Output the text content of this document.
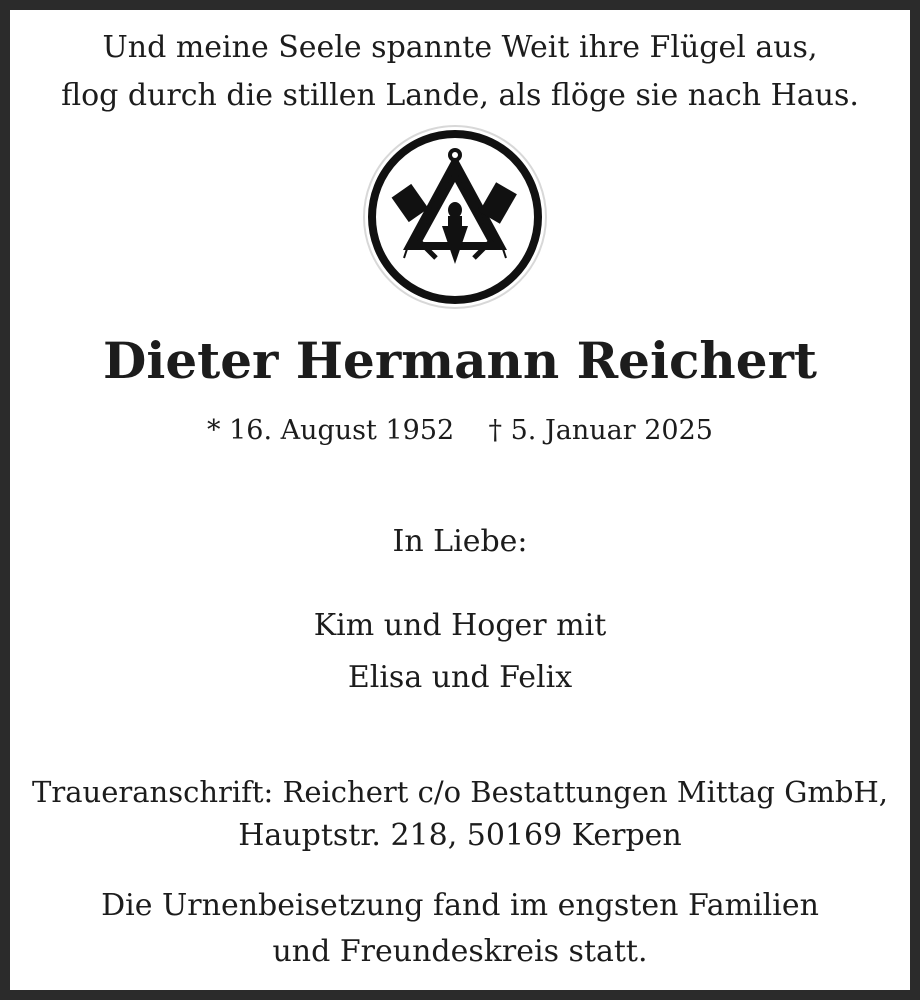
Und meine Seele spannte Weit ihre Flügel aus,
flog durch die stillen Lande, als flöge sie nach Haus.
Dieter Hermann Reichert
* 16. August 1952 † 5. Januar 2025
In Liebe:
Kim und Hoger mit
Elisa und Felix
Traueranschrift: Reichert c/o Bestattungen Mittag GmbH,
Hauptstr. 218, 50169 Kerpen
Die Urnenbeisetzung fand im engsten Familien
und Freundeskreis statt.
